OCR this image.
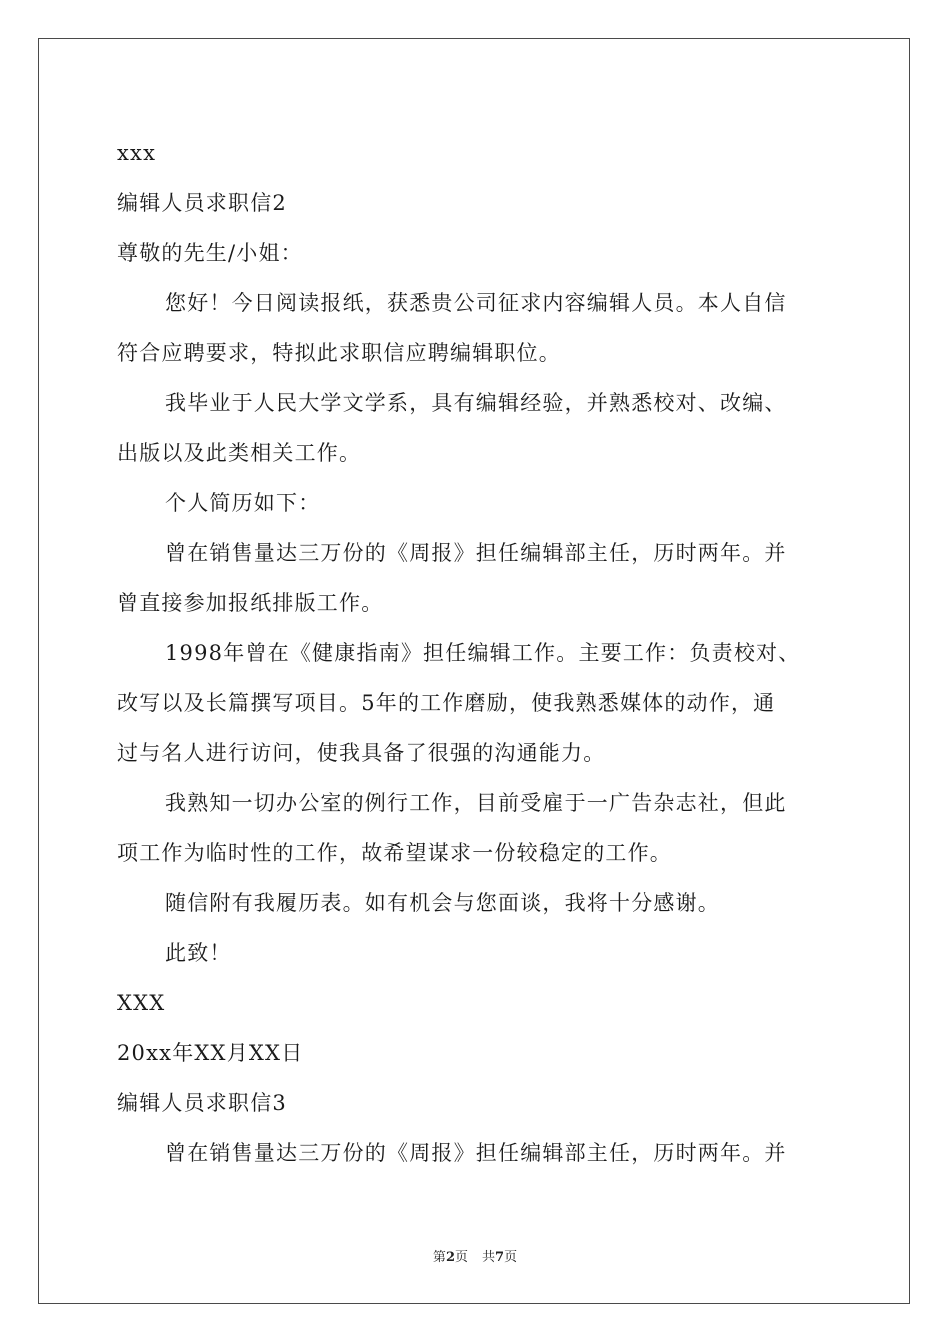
xxx
编辑人员求职信2
尊敬的先生/小姐：
您好！今日阅读报纸，获悉贵公司征求内容编辑人员。本人自信
符合应聘要求，特拟此求职信应聘编辑职位。
我毕业于人民大学文学系，具有编辑经验，并熟悉校对、改编、
出版以及此类相关工作。
个人简历如下：
曾在销售量达三万份的《周报》担任编辑部主任，历时两年。并
曾直接参加报纸排版工作。
1998年曾在《健康指南》担任编辑工作。主要工作：负责校对、
改写以及长篇撰写项目。5年的工作磨励，使我熟悉媒体的动作，通
过与名人进行访问，使我具备了很强的沟通能力。
我熟知一切办公室的例行工作，目前受雇于一广告杂志社，但此
项工作为临时性的工作，故希望谋求一份较稳定的工作。
随信附有我履历表。如有机会与您面谈，我将十分感谢。
此致！
XXX
20xx年XX月XX日
编辑人员求职信3
曾在销售量达三万份的《周报》担任编辑部主任，历时两年。并
第2页 共7页
